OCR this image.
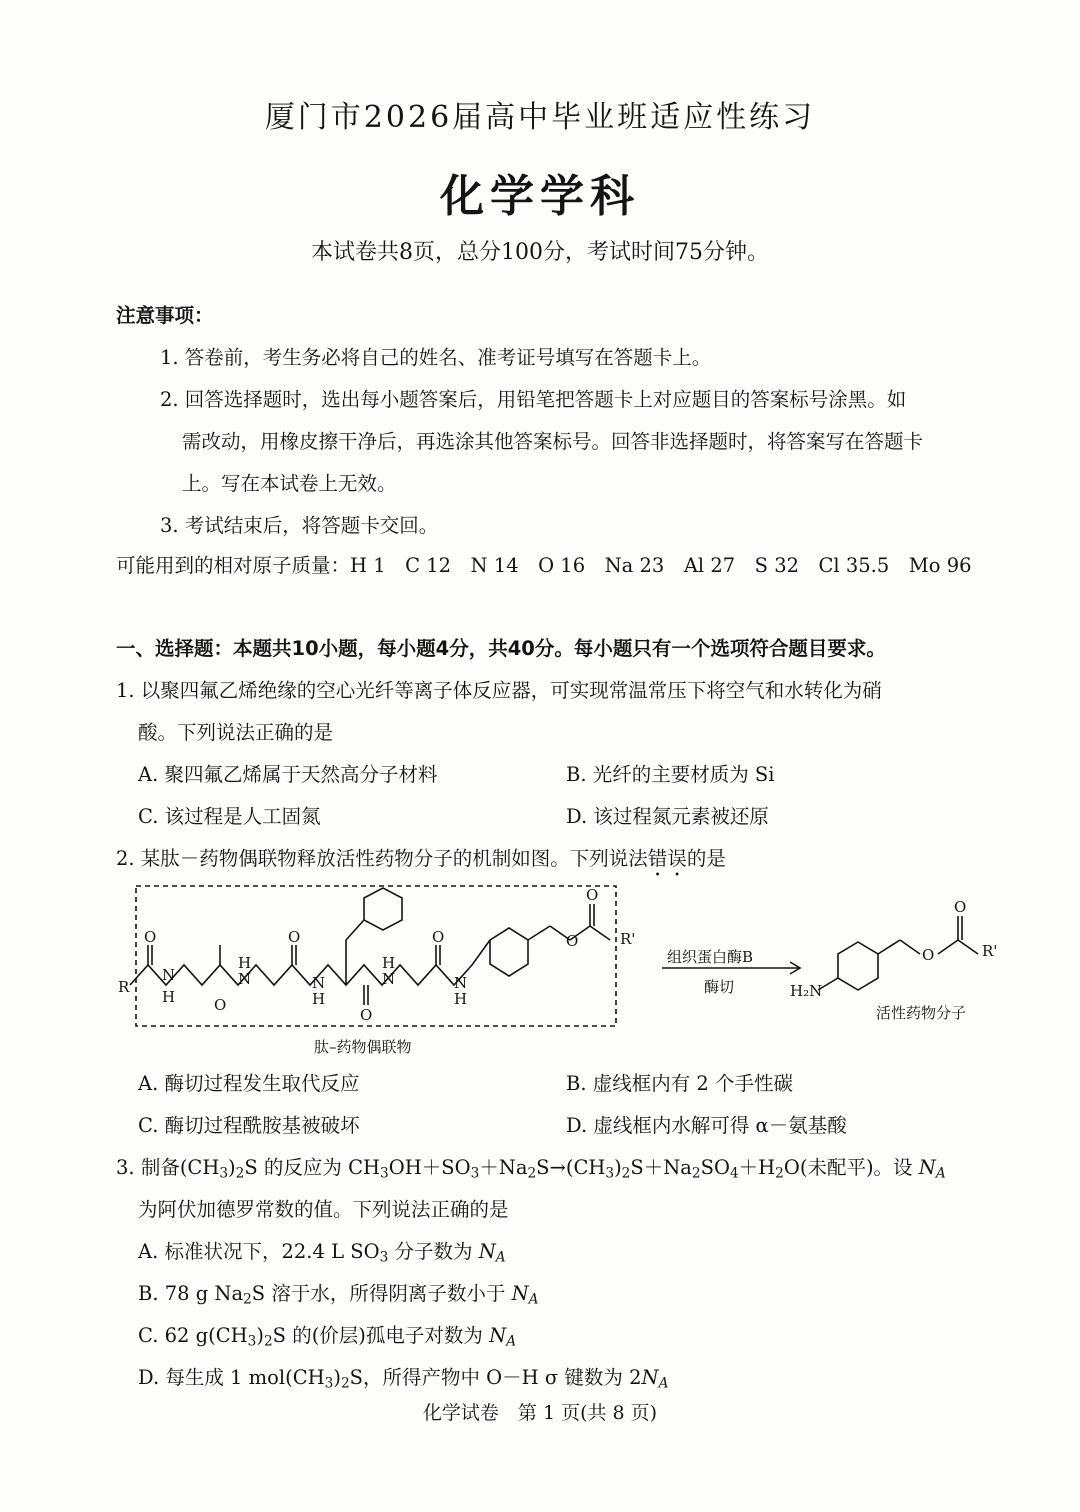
厦门市2026届高中毕业班适应性练习
化学学科
本试卷共8页，总分100分，考试时间75分钟。
注意事项：
1. 答卷前，考生务必将自己的姓名、准考证号填写在答题卡上。
2. 回答选择题时，选出每小题答案后，用铅笔把答题卡上对应题目的答案标号涂黑。如
需改动，用橡皮擦干净后，再选涂其他答案标号。回答非选择题时，将答案写在答题卡
上。写在本试卷上无效。
3. 考试结束后，将答题卡交回。
可能用到的相对原子质量：H 1　C 12　N 14　O 16　Na 23　Al 27　S 32　Cl 35.5　Mo 96
一、选择题：本题共10小题，每小题4分，共40分。每小题只有一个选项符合题目要求。
1. 以聚四氟乙烯绝缘的空心光纤等离子体反应器，可实现常温常压下将空气和水转化为硝
酸。下列说法正确的是
A. 聚四氟乙烯属于天然高分子材料	B. 光纤的主要材质为 Si
C. 该过程是人工固氮	D. 该过程氮元素被还原
2. 某肽－药物偶联物释放活性药物分子的机制如图。下列说法错误的是
R
O
N
H	O
H
N
O
N
H
O
H
N
O
N
H
O
O	R'
组织蛋白酶B
酶切	H₂N
O
O	R'
活性药物分子
肽–药物偶联物
A. 酶切过程发生取代反应	B. 虚线框内有 2 个手性碳
C. 酶切过程酰胺基被破坏	D. 虚线框内水解可得 α－氨基酸
3. 制备$(CH_3)_2S$ 的反应为 $CH_3OH+SO_3+Na_2S\to(CH_3)_2S+Na_2SO_4+H_2O$(未配平)。设 $N_A$
为阿伏加德罗常数的值。下列说法正确的是
A. 标准状况下，22.4 L $SO_3$ 分子数为 $N_A$
B. 78 g $Na_2S$ 溶于水，所得阴离子数小于 $N_A$
C. 62 $g(CH_3)_2S$ 的(价层)孤电子对数为 $N_A$
D. 每生成 1 $mol(CH_3)_2S$，所得产物中 O－H σ 键数为 $2N_A$
化学试卷　第 1 页(共 8 页)
